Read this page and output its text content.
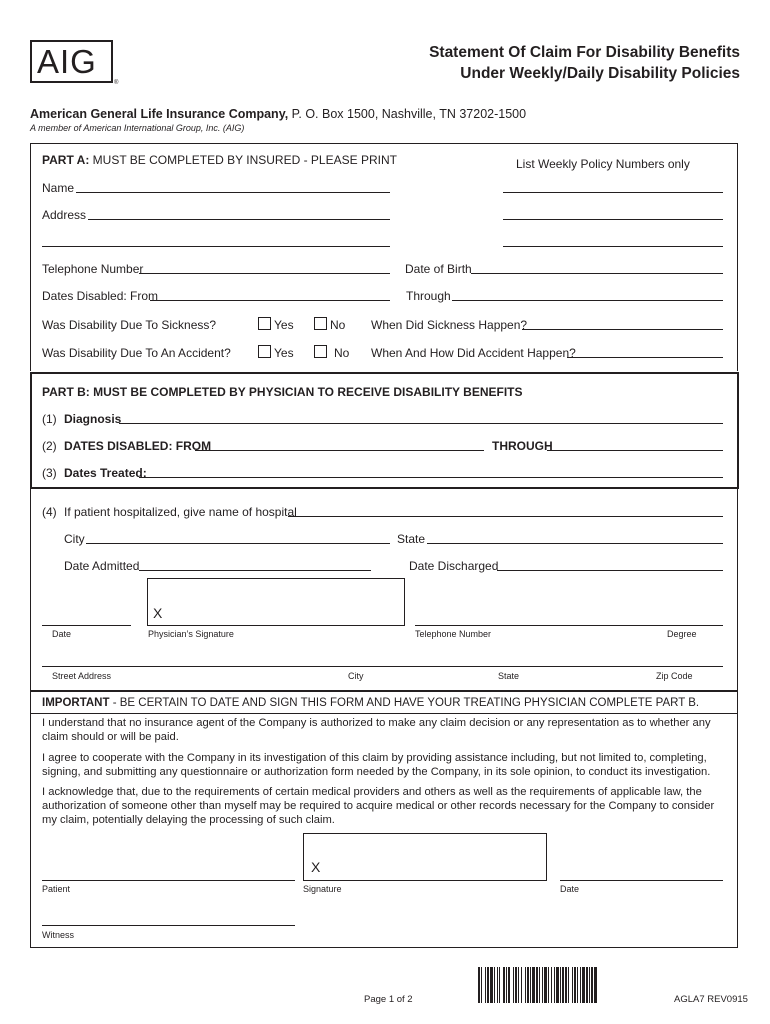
AIG
®
Statement Of Claim For Disability Benefits
Under Weekly/Daily Disability Policies
American General Life Insurance Company, P. O. Box 1500, Nashville, TN 37202-1500
A member of American International Group, Inc. (AIG)
PART A: MUST BE COMPLETED BY INSURED - PLEASE PRINT	List Weekly Policy Numbers only
Name
Address
Telephone Number	Date of Birth
Dates Disabled: From	Through
Was Disability Due To Sickness?	Yes	No When Did Sickness Happen?
Was Disability Due To An Accident?	Yes	No When And How Did Accident Happen?
PART B: MUST BE COMPLETED BY PHYSICIAN TO RECEIVE DISABILITY BENEFITS
(1) Diagnosis
(2) DATES DISABLED: FROM	THROUGH
(3) Dates Treated:
(4) If patient hospitalized, give name of hospital
City	State
Date Admitted	Date Discharged
X
Date	Physician’s Signature	Telephone Number	Degree
Street Address	City	State	Zip Code
IMPORTANT - BE CERTAIN TO DATE AND SIGN THIS FORM AND HAVE YOUR TREATING PHYSICIAN COMPLETE PART B.
I understand that no insurance agent of the Company is authorized to make any claim decision or any representation as to whether any claim should or will be paid.
I agree to cooperate with the Company in its investigation of this claim by providing assistance including, but not limited to, completing, signing, and submitting any questionnaire or authorization form needed by the Company, in its sole opinion, to conduct its investigation.
I acknowledge that, due to the requirements of certain medical providers and others as well as the requirements of applicable law, the authorization of someone other than myself may be required to acquire medical or other records necessary for the Company to consider my claim, potentially delaying the processing of such claim.
X
Patient	Signature	Date
Witness
Page 1 of 2	AGLA7 REV0915
